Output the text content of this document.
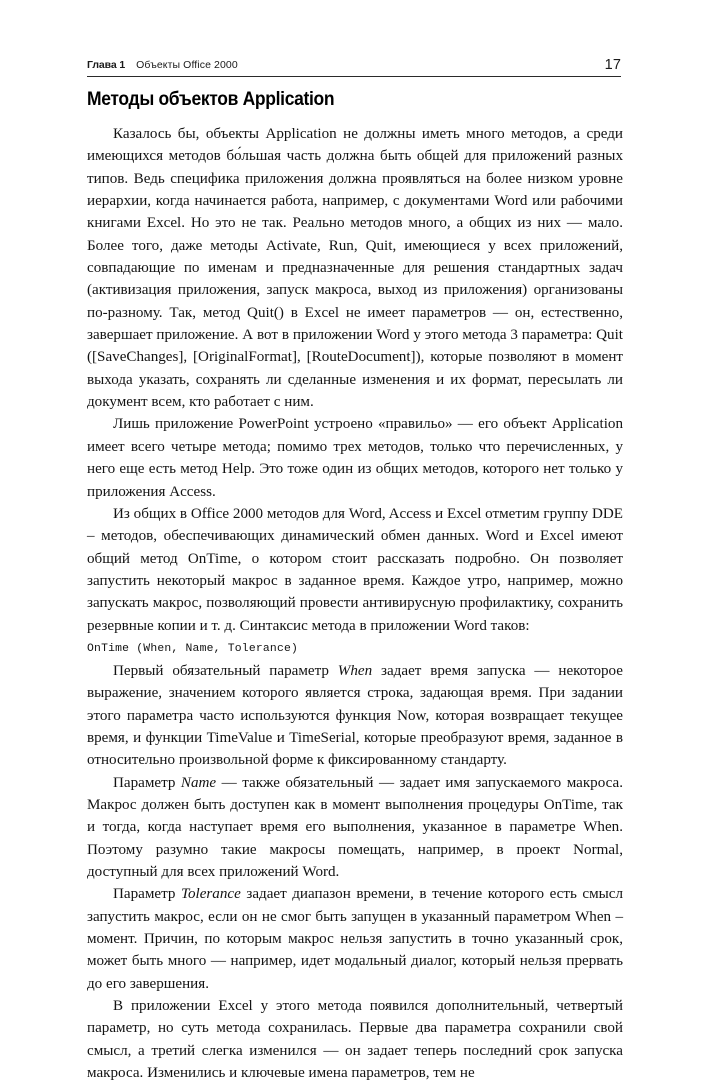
Глава 1 Объекты Office 2000	17
Методы объектов Application

Казалось бы, объекты Application не должны иметь много методов, а среди имеющихся методов бо́льшая часть должна быть общей для приложений разных типов. Ведь специфика приложения должна проявляться на более низком уровне иерархии, когда начинается работа, например, с документами Word или рабочими книгами Excel. Но это не так. Реально методов много, а общих из них — мало. Более того, даже методы Activate, Run, Quit, имеющиеся у всех приложений, совпадающие по именам и предназначенные для решения стандартных задач (активизация приложения, запуск макроса, выход из приложения) организованы по-разному. Так, метод Quit() в Excel не имеет параметров — он, естественно, завершает приложение. А вот в приложении Word у этого метода 3 параметра: Quit ([SaveChanges], [OriginalFormat], [RouteDocument]), которые позволяют в момент выхода указать, сохранять ли сделанные изменения и их формат, пересылать ли документ всем, кто работает с ним.

Лишь приложение PowerPoint устроено «правильо» — его объект Application имеет всего четыре метода; помимо трех методов, только что перечисленных, у него еще есть метод Help. Это тоже один из общих методов, которого нет только у приложения Access.

Из общих в Office 2000 методов для Word, Access и Excel отметим группу DDE – методов, обеспечивающих динамический обмен данных. Word и Excel имеют общий метод OnTime, о котором стоит рассказать подробно. Он позволяет запустить некоторый макрос в заданное время. Каждое утро, например, можно запускать макрос, позволяющий провести антивирусную профилактику, сохранить резервные копии и т. д. Синтаксис метода в приложении Word таков:

OnTime (When, Name, Tolerance)

Первый обязательный параметр When задает время запуска — некоторое выражение, значением которого является строка, задающая время. При задании этого параметра часто используются функция Now, которая возвращает текущее время, и функции TimeValue и TimeSerial, которые преобразуют время, заданное в относительно произвольной форме к фиксированному стандарту.

Параметр Name — также обязательный — задает имя запускаемого макроса. Макрос должен быть доступен как в момент выполнения процедуры OnTime, так и тогда, когда наступает время его выполнения, указанное в параметре When. Поэтому разумно такие макросы помещать, например, в проект Normal, доступный для всех приложений Word.

Параметр Tolerance задает диапазон времени, в течение которого есть смысл запустить макрос, если он не смог быть запущен в указанный параметром When – момент. Причин, по которым макрос нельзя запустить в точно указанный срок, может быть много — например, идет модальный диалог, который нельзя прервать до его завершения.

В приложении Excel у этого метода появился дополнительный, четвертый параметр, но суть метода сохранилась. Первые два параметра сохранили свой смысл, а третий слегка изменился — он задает теперь последний срок запуска макроса. Изменились и ключевые имена параметров, тем не
